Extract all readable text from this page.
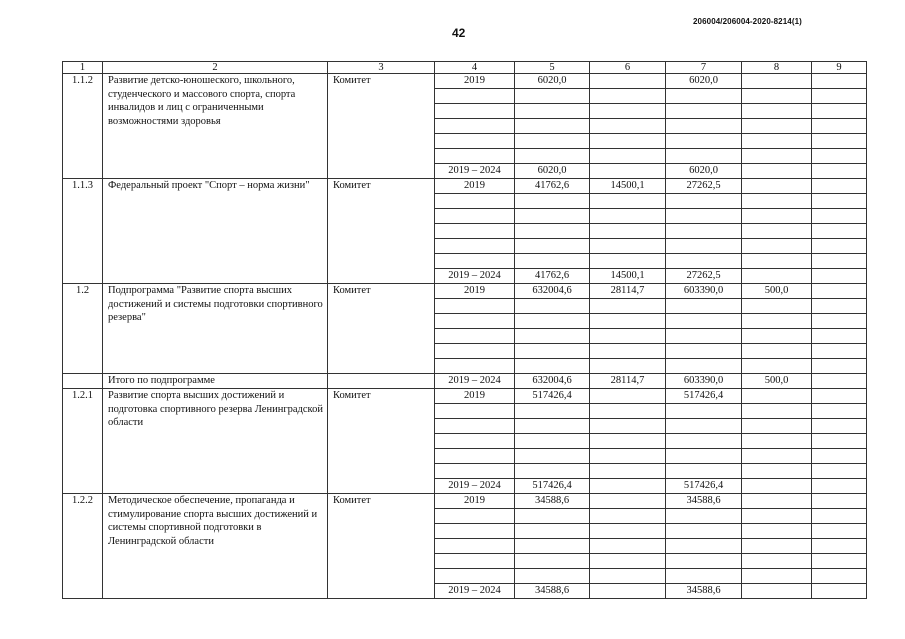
42
206004/206004-2020-8214(1)
1	2	3	4	5	6	7	8	9
1.1.2	Развитие детско-юношеского, школьного, студенческого и массового спорта, спорта инвалидов и лиц с ограниченными возможностями здоровья	Комитет	2019	6020,0		6020,0		

			2019 – 2024	6020,0		6020,0		
1.1.3	Федеральный проект "Спорт – норма жизни"	Комитет	2019	41762,6	14500,1	27262,5		

			2019 – 2024	41762,6	14500,1	27262,5		
1.2	Подпрограмма "Развитие спорта высших достижений и системы подготовки спортивного резерва"	Комитет	2019	632004,6	28114,7	603390,0	500,0	

	Итого по подпрограмме		2019 – 2024	632004,6	28114,7	603390,0	500,0	
1.2.1	Развитие спорта высших достижений и подготовка спортивного резерва Ленинградской области	Комитет	2019	517426,4		517426,4		

			2019 – 2024	517426,4		517426,4		
1.2.2	Методическое обеспечение, пропаганда и стимулирование спорта высших достижений и системы спортивной подготовки в Ленинградской области	Комитет	2019	34588,6		34588,6		

			2019 – 2024	34588,6		34588,6		
